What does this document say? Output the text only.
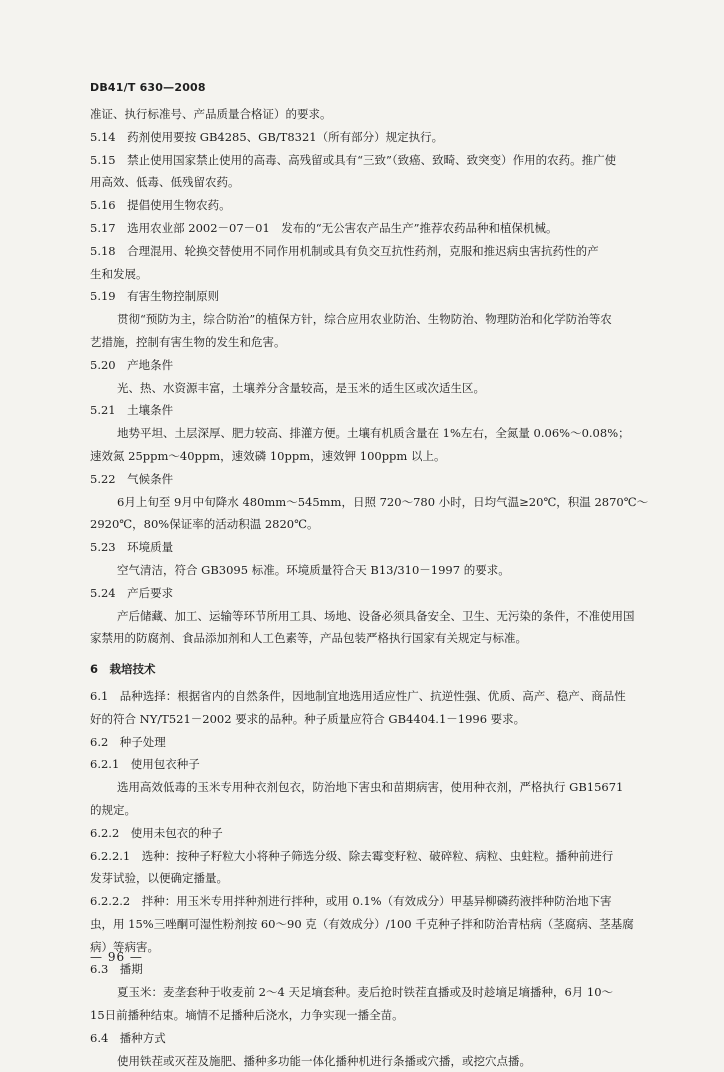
DB41/T 630—2008
准证、执行标准号、产品质量合格证）的要求。
5.14　药剂使用要按 GB4285、GB/T8321（所有部分）规定执行。
5.15　禁止使用国家禁止使用的高毒、高残留或具有“三致”（致癌、致畸、致突变）作用的农药。推广使
用高效、低毒、低残留农药。
5.16　提倡使用生物农药。
5.17　选用农业部 2002－07－01　发布的“无公害农产品生产”推荐农药品种和植保机械。
5.18　合理混用、轮换交替使用不同作用机制或具有负交互抗性药剂，克服和推迟病虫害抗药性的产
生和发展。
5.19　有害生物控制原则
贯彻“预防为主，综合防治”的植保方针，综合应用农业防治、生物防治、物理防治和化学防治等农
艺措施，控制有害生物的发生和危害。
5.20　产地条件
光、热、水资源丰富，土壤养分含量较高，是玉米的适生区或次适生区。
5.21　土壤条件
地势平坦、土层深厚、肥力较高、排灌方便。土壤有机质含量在 1%左右，全氮量 0.06%～0.08%；
速效氮 25ppm～40ppm，速效磷 10ppm，速效钾 100ppm 以上。
5.22　气候条件
6月上旬至 9月中旬降水 480mm～545mm，日照 720～780 小时，日均气温≥20℃，积温 2870℃～
2920℃，80%保证率的活动积温 2820℃。
5.23　环境质量
空气清洁，符合 GB3095 标准。环境质量符合天 B13/310－1997 的要求。
5.24　产后要求
产后储藏、加工、运输等环节所用工具、场地、设备必须具备安全、卫生、无污染的条件，不准使用国
家禁用的防腐剂、食品添加剂和人工色素等，产品包装严格执行国家有关规定与标准。
6　栽培技术
6.1　品种选择：根据省内的自然条件，因地制宜地选用适应性广、抗逆性强、优质、高产、稳产、商品性
好的符合 NY/T521－2002 要求的品种。种子质量应符合 GB4404.1－1996 要求。
6.2　种子处理
6.2.1　使用包衣种子
选用高效低毒的玉米专用种衣剂包衣，防治地下害虫和苗期病害，使用种衣剂，严格执行 GB15671
的规定。
6.2.2　使用未包衣的种子
6.2.2.1　选种：按种子籽粒大小将种子筛选分级、除去霉变籽粒、破碎粒、病粒、虫蛀粒。播种前进行
发芽试验，以便确定播量。
6.2.2.2　拌种：用玉米专用拌种剂进行拌种，或用 0.1%（有效成分）甲基异柳磷药液拌种防治地下害
虫，用 15%三唑酮可湿性粉剂按 60～90 克（有效成分）/100 千克种子拌和防治青枯病（茎腐病、茎基腐
病）等病害。
6.3　播期
夏玉米：麦垄套种于收麦前 2～4 天足墒套种。麦后抢时铁茬直播或及时趁墒足墒播种，6月 10～
15日前播种结束。墒情不足播种后浇水，力争实现一播全苗。
6.4　播种方式
使用铁茬或灭茬及施肥、播种多功能一体化播种机进行条播或穴播，或挖穴点播。
— 96 —
